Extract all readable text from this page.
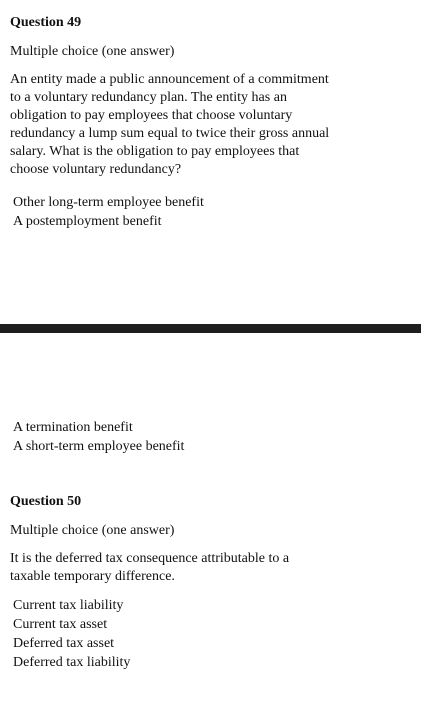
Question 49
Multiple choice (one answer)
An entity made a public announcement of a commitment
to a voluntary redundancy plan. The entity has an
obligation to pay employees that choose voluntary
redundancy a lump sum equal to twice their gross annual
salary. What is the obligation to pay employees that
choose voluntary redundancy?
Other long-term employee benefit
A postemployment benefit
A termination benefit
A short-term employee benefit
Question 50
Multiple choice (one answer)
It is the deferred tax consequence attributable to a
taxable temporary difference.
Current tax liability
Current tax asset
Deferred tax asset
Deferred tax liability
